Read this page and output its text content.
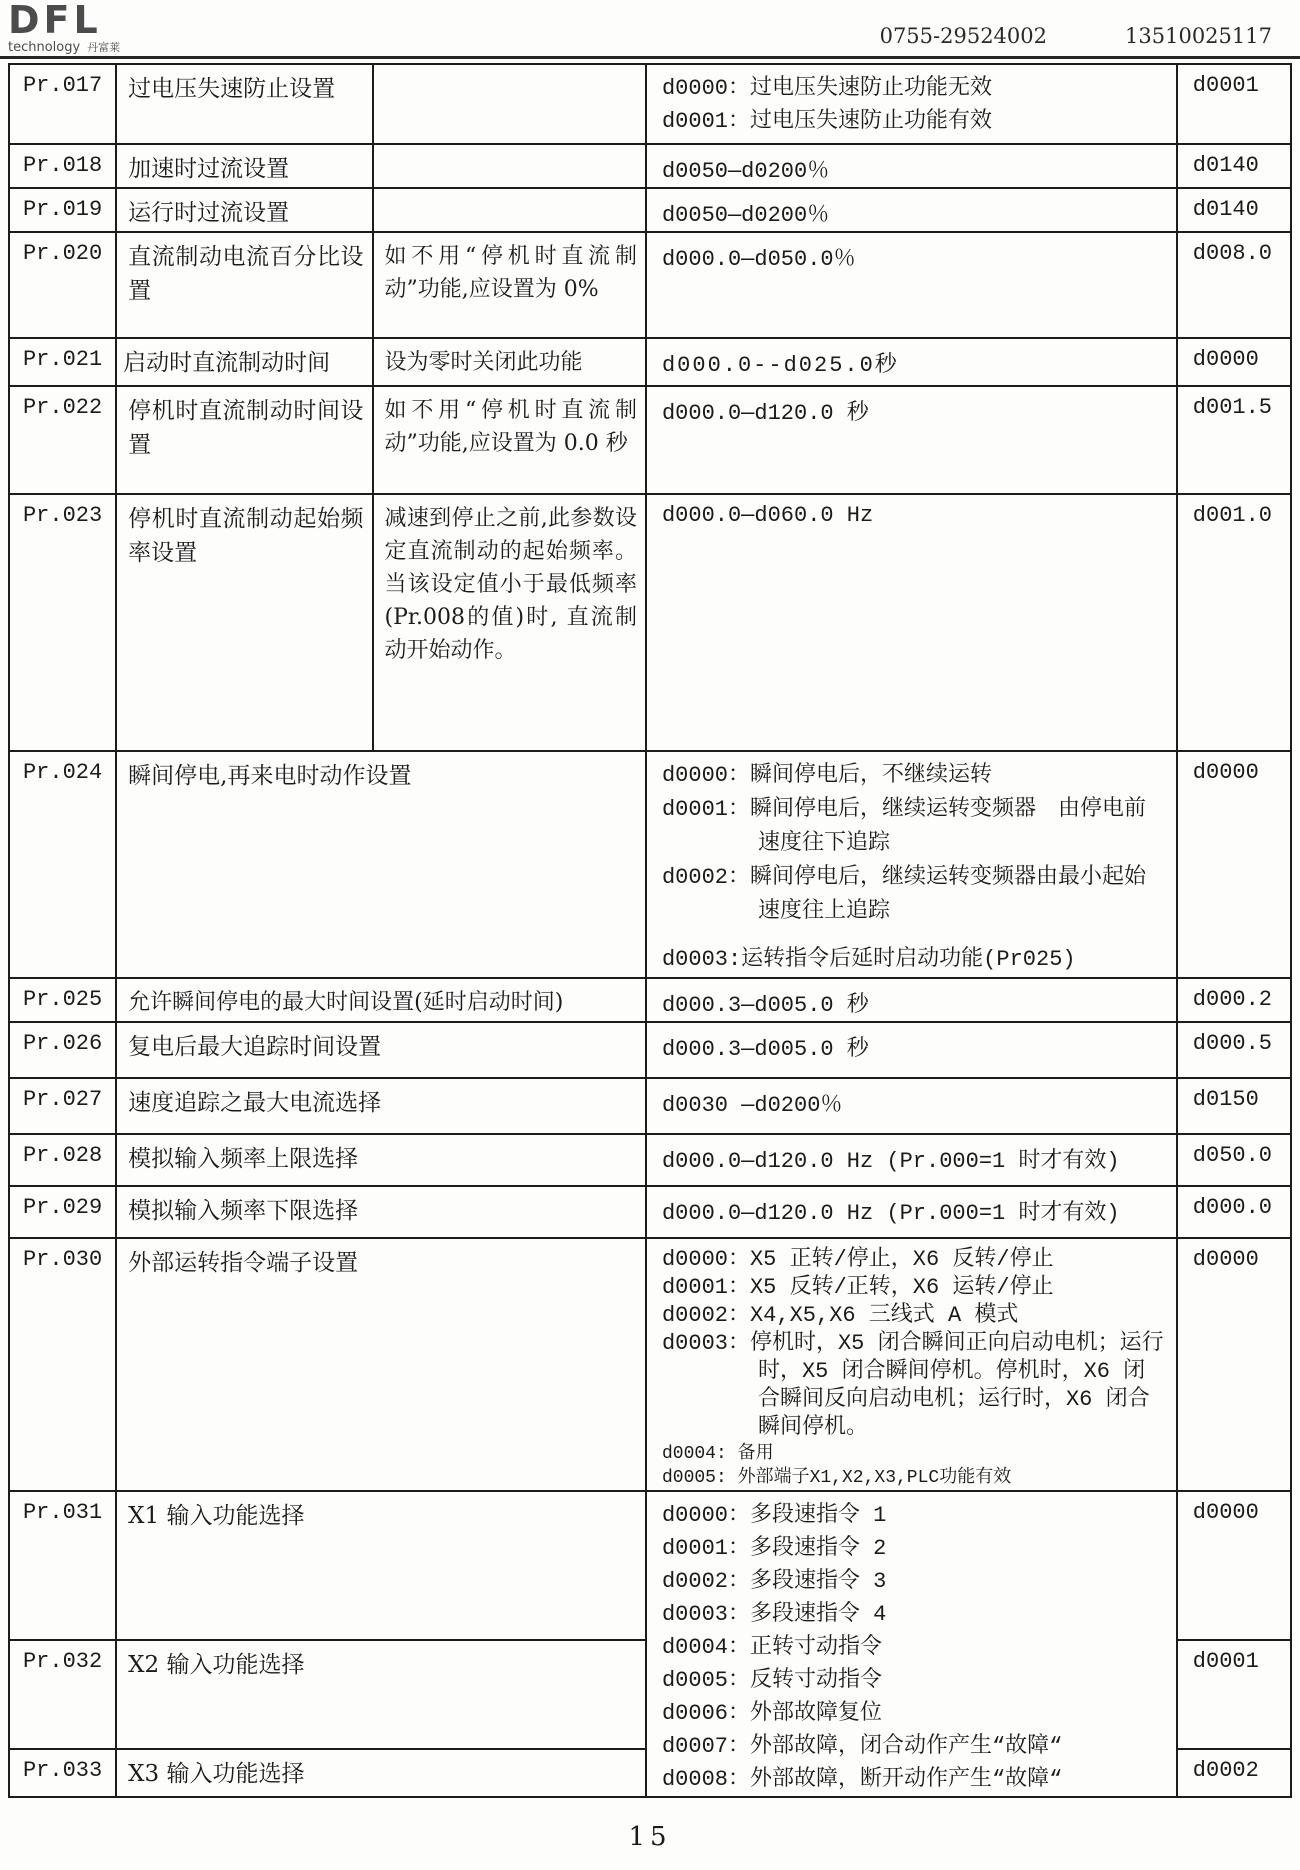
DFL
technology 丹富莱	0755-29524002	13510025117
Pr.017	过电压失速防止设置		d0000：过电压失速防止功能无效
d0001：过电压失速防止功能有效	d0001
Pr.018	加速时过流设置		d0050—d0200％	d0140
Pr.019	运行时过流设置		d0050—d0200％	d0140
Pr.020	直流制动电流百分比设置	如不用“停机时直流制动”功能,应设置为 0%	d000.0—d050.0％	d008.0
Pr.021	启动时直流制动时间	设为零时关闭此功能	d000.0--d025.0秒	d0000
Pr.022	停机时直流制动时间设置	如不用“停机时直流制动”功能,应设置为 0.0 秒	d000.0—d120.0 秒	d001.5
Pr.023	停机时直流制动起始频率设置	减速到停止之前,此参数设定直流制动的起始频率。当该设定值小于最低频率(Pr.008的值)时, 直流制动开始动作。	d000.0—d060.0 Hz	d001.0
Pr.024	瞬间停电,再来电时动作设置		d0000：瞬间停电后，不继续运转
d0001：瞬间停电后，继续运转变频器　由停电前速度往下追踪
d0002：瞬间停电后，继续运转变频器由最小起始速度往上追踪
d0003:运转指令后延时启动功能(Pr025)	d0000
Pr.025	允许瞬间停电的最大时间设置(延时启动时间)		d000.3—d005.0 秒	d000.2
Pr.026	复电后最大追踪时间设置		d000.3—d005.0 秒	d000.5
Pr.027	速度追踪之最大电流选择		d0030 —d0200％	d0150
Pr.028	模拟输入频率上限选择		d000.0—d120.0 Hz (Pr.000=1 时才有效)	d050.0
Pr.029	模拟输入频率下限选择		d000.0—d120.0 Hz (Pr.000=1 时才有效)	d000.0
Pr.030	外部运转指令端子设置	d0000：X5 正转/停止，X6 反转/停止
d0001：X5 反转/正转，X6 运转/停止
d0002：X4,X5,X6 三线式 A 模式
d0003：停机时，X5 闭合瞬间正向启动电机；运行时，X5 闭合瞬间停机。停机时，X6 闭合瞬间反向启动电机；运行时，X6 闭合瞬间停机。
d0004: 备用
d0005: 外部端子X1,X2,X3,PLC功能有效
	d0000
Pr.031	X1 输入功能选择	d0000：多段速指令 1
d0001：多段速指令 2
d0002：多段速指令 3
d0003：多段速指令 4
d0004：正转寸动指令
d0005：反转寸动指令
d0006：外部故障复位
d0007：外部故障，闭合动作产生“故障“
d0008：外部故障，断开动作产生“故障“
	d0000
Pr.032	X2 输入功能选择			d0001
Pr.033	X3 输入功能选择			d0002
15
